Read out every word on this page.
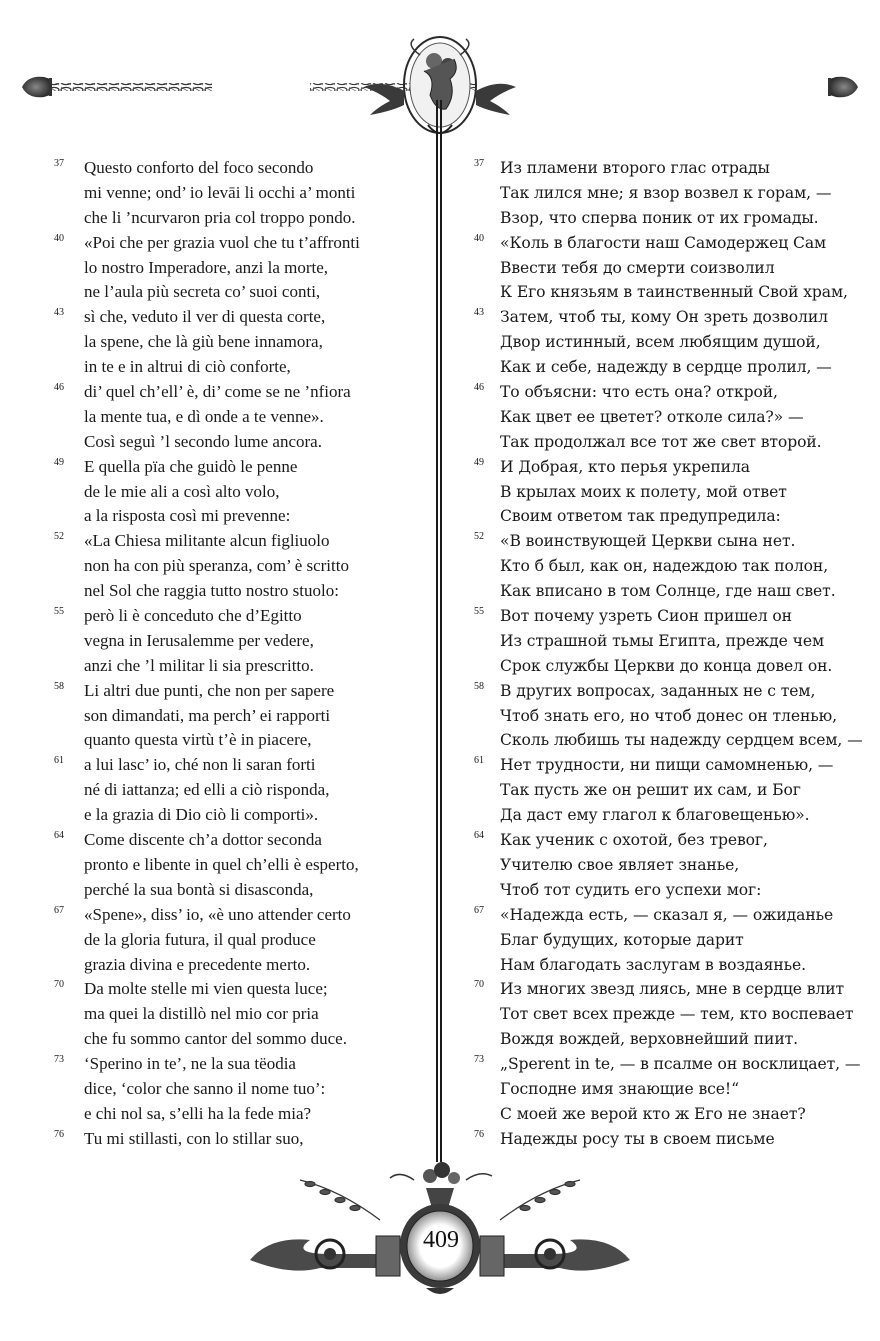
37	Questo conforto del foco secondo
mi venne; ond’ io levāi li occhi a’ monti
che li ’ncurvaron pria col troppo pondo.
40	«Poi che per grazia vuol che tu t’affronti
lo nostro Imperadore, anzi la morte,
ne l’aula più secreta co’ suoi conti,
43	sì che, veduto il ver di questa corte,
la spene, che là giù bene innamora,
in te e in altrui di ciò conforte,
46	di’ quel ch’ell’ è, di’ come se ne ’nfiora
la mente tua, e dì onde a te venne».
Così seguì ’l secondo lume ancora.
49	E quella pïa che guidò le penne
de le mie ali a così alto volo,
a la risposta così mi prevenne:
52	«La Chiesa militante alcun figliuolo
non ha con più speranza, com’ è scritto
nel Sol che raggia tutto nostro stuolo:
55	però li è conceduto che d’Egitto
vegna in Ierusalemme per vedere,
anzi che ’l militar li sia prescritto.
58	Li altri due punti, che non per sapere
son dimandati, ma perch’ ei rapporti
quanto questa virtù t’è in piacere,
61	a lui lasc’ io, ché non li saran forti
né di iattanza; ed elli a ciò risponda,
e la grazia di Dio ciò li comporti».
64	Come discente ch’a dottor seconda
pronto e libente in quel ch’elli è esperto,
perché la sua bontà si disasconda,
67	«Spene», diss’ io, «è uno attender certo
de la gloria futura, il qual produce
grazia divina e precedente merto.
70	Da molte stelle mi vien questa luce;
ma quei la distillò nel mio cor pria
che fu sommo cantor del sommo duce.
73	‘Sperino in te’, ne la sua tëodia
dice, ‘color che sanno il nome tuo’:
e chi nol sa, s’elli ha la fede mia?
76	Tu mi stillasti, con lo stillar suo,
37	Из пламени второго глас отрады
Так лился мне; я взор возвел к горам, —
Взор, что сперва поник от их громады.
40	«Коль в благости наш Самодержец Сам
Ввести тебя до смерти соизволил
К Его князьям в таинственный Свой храм,
43	Затем, чтоб ты, кому Он зреть дозволил
Двор истинный, всем любящим душой,
Как и себе, надежду в сердце пролил, —
46	То объясни: что есть она? открой,
Как цвет ее цветет? отколе сила?» —
Так продолжал все тот же свет второй.
49	И Добрая, кто перья укрепила
В крылах моих к полету, мой ответ
Своим ответом так предупредила:
52	«В воинствующей Церкви сына нет.
Кто б был, как он, надеждою так полон,
Как вписано в том Солнце, где наш свет.
55	Вот почему узреть Сион пришел он
Из страшной тьмы Египта, прежде чем
Срок службы Церкви до конца довел он.
58	В других вопросах, заданных не с тем,
Чтоб знать его, но чтоб донес он тленью,
Сколь любишь ты надежду сердцем всем, —
61	Нет трудности, ни пищи самомненью, —
Так пусть же он решит их сам, и Бог
Да даст ему глагол к благовещенью».
64	Как ученик с охотой, без тревог,
Учителю свое являет знанье,
Чтоб тот судить его успехи мог:
67	«Надежда есть, — сказал я, — ожиданье
Благ будущих, которые дарит
Нам благодать заслугам в воздаянье.
70	Из многих звезд лиясь, мне в сердце влит
Тот свет всех прежде — тем, кто воспевает
Вождя вождей, верховнейший пиит.
73	„Sperent in te, — в псалме он восклицает, —
Господне имя знающие все!“
С моей же верой кто ж Его не знает?
76	Надежды росу ты в своем письме
409
